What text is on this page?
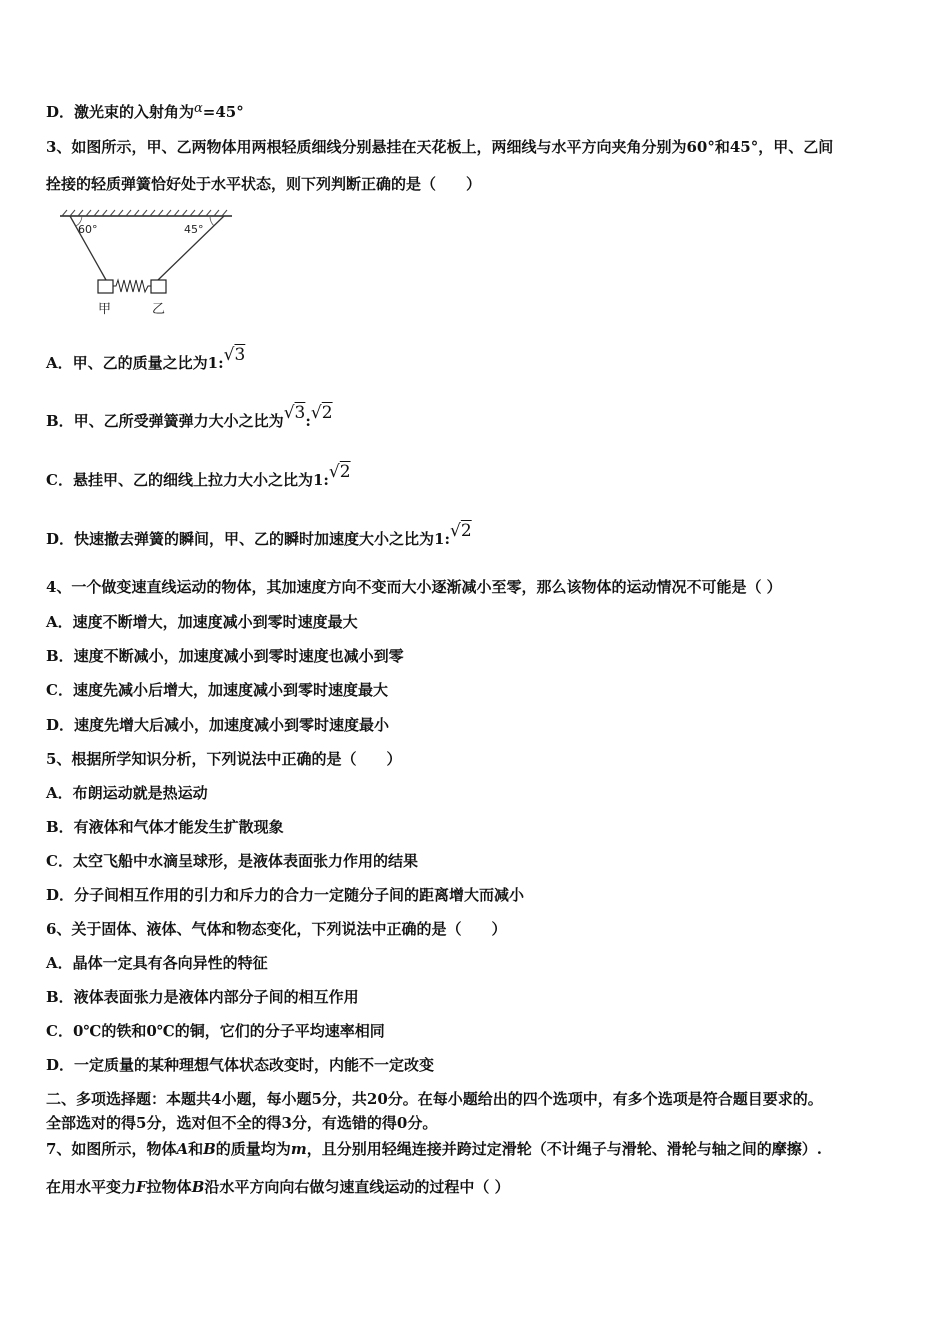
D．激光束的入射角为α=45°
3、如图所示，甲、乙两物体用两根轻质细线分别悬挂在天花板上，两细线与水平方向夹角分别为60°和45°，甲、乙间
拴接的轻质弹簧恰好处于水平状态，则下列判断正确的是（　　）
60°	45°
甲	乙
A．甲、乙的质量之比为1:√3
B．甲、乙所受弹簧弹力大小之比为√3:√2
C．悬挂甲、乙的细线上拉力大小之比为1:√2
D．快速撤去弹簧的瞬间，甲、乙的瞬时加速度大小之比为1:√2
4、一个做变速直线运动的物体，其加速度方向不变而大小逐渐减小至零，那么该物体的运动情况不可能是（ ）
A．速度不断增大，加速度减小到零时速度最大
B．速度不断减小，加速度减小到零时速度也减小到零
C．速度先减小后增大，加速度减小到零时速度最大
D．速度先增大后减小，加速度减小到零时速度最小
5、根据所学知识分析，下列说法中正确的是（　　）
A．布朗运动就是热运动
B．有液体和气体才能发生扩散现象
C．太空飞船中水滴呈球形，是液体表面张力作用的结果
D．分子间相互作用的引力和斥力的合力一定随分子间的距离增大而减小
6、关于固体、液体、气体和物态变化，下列说法中正确的是（　　）
A．晶体一定具有各向异性的特征
B．液体表面张力是液体内部分子间的相互作用
C．0℃的铁和0℃的铜，它们的分子平均速率相同
D．一定质量的某种理想气体状态改变时，内能不一定改变
二、多项选择题：本题共4小题，每小题5分，共20分。在每小题给出的四个选项中，有多个选项是符合题目要求的。
全部选对的得5分，选对但不全的得3分，有选错的得0分。
7、如图所示，物体A和B的质量均为m，且分别用轻绳连接并跨过定滑轮（不计绳子与滑轮、滑轮与轴之间的摩擦）.
在用水平变力F拉物体B沿水平方向向右做匀速直线运动的过程中（ ）
